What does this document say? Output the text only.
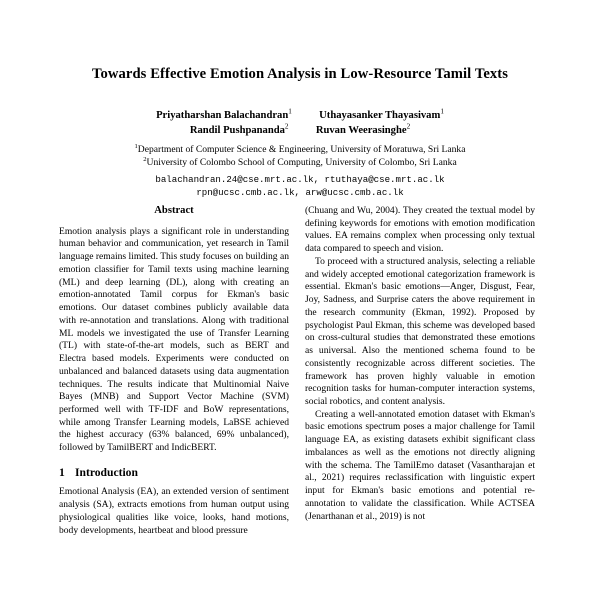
Towards Effective Emotion Analysis in Low-Resource Tamil Texts
Priyatharshan Balachandran$^1$	Uthayasanker Thayasivam$^1$
Randil Pushpananda$^2$	Ruvan Weerasinghe$^2$
$^1$Department of Computer Science & Engineering, University of Moratuwa, Sri Lanka
$^2$University of Colombo School of Computing, University of Colombo, Sri Lanka
balachandran.24@cse.mrt.ac.lk, rtuthaya@cse.mrt.ac.lk
rpn@ucsc.cmb.ac.lk, arw@ucsc.cmb.ac.lk
Abstract

Emotion analysis plays a significant role in understanding human behavior and communication, yet research in Tamil language remains limited. This study focuses on building an emotion classifier for Tamil texts using machine learning (ML) and deep learning (DL), along with creating an emotion-annotated Tamil corpus for Ekman's basic emotions. Our dataset combines publicly available data with re-annotation and translations. Along with traditional ML models we investigated the use of Transfer Learning (TL) with state-of-the-art models, such as BERT and Electra based models. Experiments were conducted on unbalanced and balanced datasets using data augmentation techniques. The results indicate that Multinomial Naive Bayes (MNB) and Support Vector Machine (SVM) performed well with TF-IDF and BoW representations, while among Transfer Learning models, LaBSE achieved the highest accuracy (63% balanced, 69% unbalanced), followed by TamilBERT and IndicBERT.

1 Introduction

Emotional Analysis (EA), an extended version of sentiment analysis (SA), extracts emotions from human output using physiological qualities like voice, looks, hand motions, body developments, heartbeat and blood pressure

(Chuang and Wu, 2004). They created the textual model by defining keywords for emotions with emotion modification values. EA remains complex when processing only textual data compared to speech and vision.

To proceed with a structured analysis, selecting a reliable and widely accepted emotional categorization framework is essential. Ekman's basic emotions—Anger, Disgust, Fear, Joy, Sadness, and Surprise caters the above requirement in the research community (Ekman, 1992). Proposed by psychologist Paul Ekman, this scheme was developed based on cross-cultural studies that demonstrated these emotions as universal. Also the mentioned schema found to be consistently recognizable across different societies. The framework has proven highly valuable in emotion recognition tasks for human-computer interaction systems, social robotics, and content analysis.

Creating a well-annotated emotion dataset with Ekman's basic emotions spectrum poses a major challenge for Tamil language EA, as existing datasets exhibit significant class imbalances as well as the emotions not directly aligning with the schema. The TamilEmo dataset (Vasantharajan et al., 2021) requires reclassification with linguistic expert input for Ekman's basic emotions and potential re-annotation to validate the classification. While ACTSEA (Jenarthanan et al., 2019) is not
